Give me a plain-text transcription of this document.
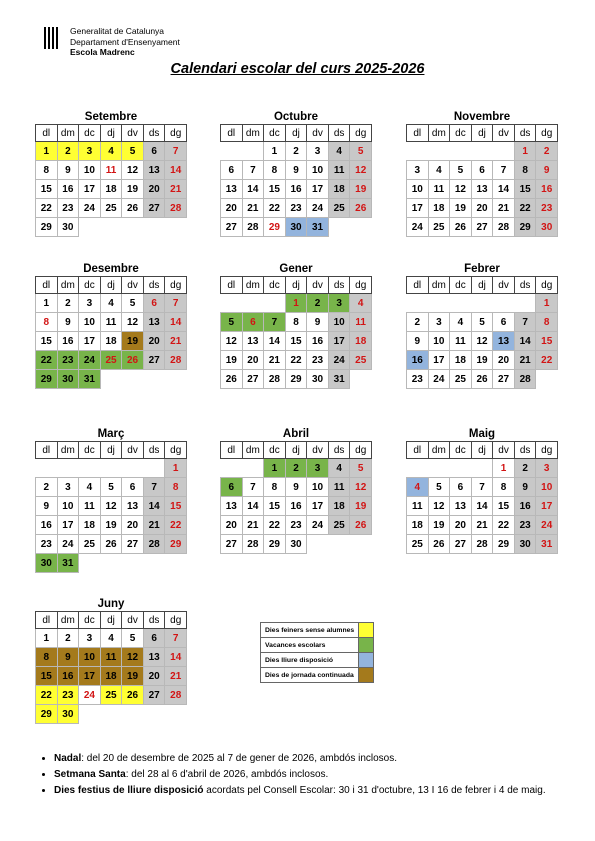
Generalitat de Catalunya
Departament d'Ensenyament
Escola Madrenc
Calendari escolar del curs 2025-2026
Setembre
dl	dm	dc	dj	dv	ds	dg
1	2	3	4	5	6	7
8	9	10	11	12	13	14
15	16	17	18	19	20	21
22	23	24	25	26	27	28
29	30					
Octubre
dl	dm	dc	dj	dv	ds	dg
		1	2	3	4	5
6	7	8	9	10	11	12
13	14	15	16	17	18	19
20	21	22	23	24	25	26
27	28	29	30	31		
Novembre
dl	dm	dc	dj	dv	ds	dg
					1	2
3	4	5	6	7	8	9
10	11	12	13	14	15	16
17	18	19	20	21	22	23
24	25	26	27	28	29	30
Desembre
dl	dm	dc	dj	dv	ds	dg
1	2	3	4	5	6	7
8	9	10	11	12	13	14
15	16	17	18	19	20	21
22	23	24	25	26	27	28
29	30	31				
Gener
dl	dm	dc	dj	dv	ds	dg
			1	2	3	4
5	6	7	8	9	10	11
12	13	14	15	16	17	18
19	20	21	22	23	24	25
26	27	28	29	30	31	
Febrer
dl	dm	dc	dj	dv	ds	dg
						1
2	3	4	5	6	7	8
9	10	11	12	13	14	15
16	17	18	19	20	21	22
23	24	25	26	27	28	
Març
dl	dm	dc	dj	dv	ds	dg
						1
2	3	4	5	6	7	8
9	10	11	12	13	14	15
16	17	18	19	20	21	22
23	24	25	26	27	28	29
30	31					
Abril
dl	dm	dc	dj	dv	ds	dg
		1	2	3	4	5
6	7	8	9	10	11	12
13	14	15	16	17	18	19
20	21	22	23	24	25	26
27	28	29	30			
Maig
dl	dm	dc	dj	dv	ds	dg
				1	2	3
4	5	6	7	8	9	10
11	12	13	14	15	16	17
18	19	20	21	22	23	24
25	26	27	28	29	30	31
Juny
dl	dm	dc	dj	dv	ds	dg
1	2	3	4	5	6	7
8	9	10	11	12	13	14
15	16	17	18	19	20	21
22	23	24	25	26	27	28
29	30					
Dies feiners sense alumnes	
Vacances escolars	
Dies lliure disposició	
Dies de jornada continuada	
• Nadal: del 20 de desembre de 2025 al 7 de gener de 2026, ambdós inclosos.
• Setmana Santa: del 28 al 6 d'abril de 2026, ambdós inclosos.
• Dies festius de lliure disposició acordats pel Consell Escolar: 30 i 31 d'octubre, 13 I 16 de febrer i 4 de maig.
